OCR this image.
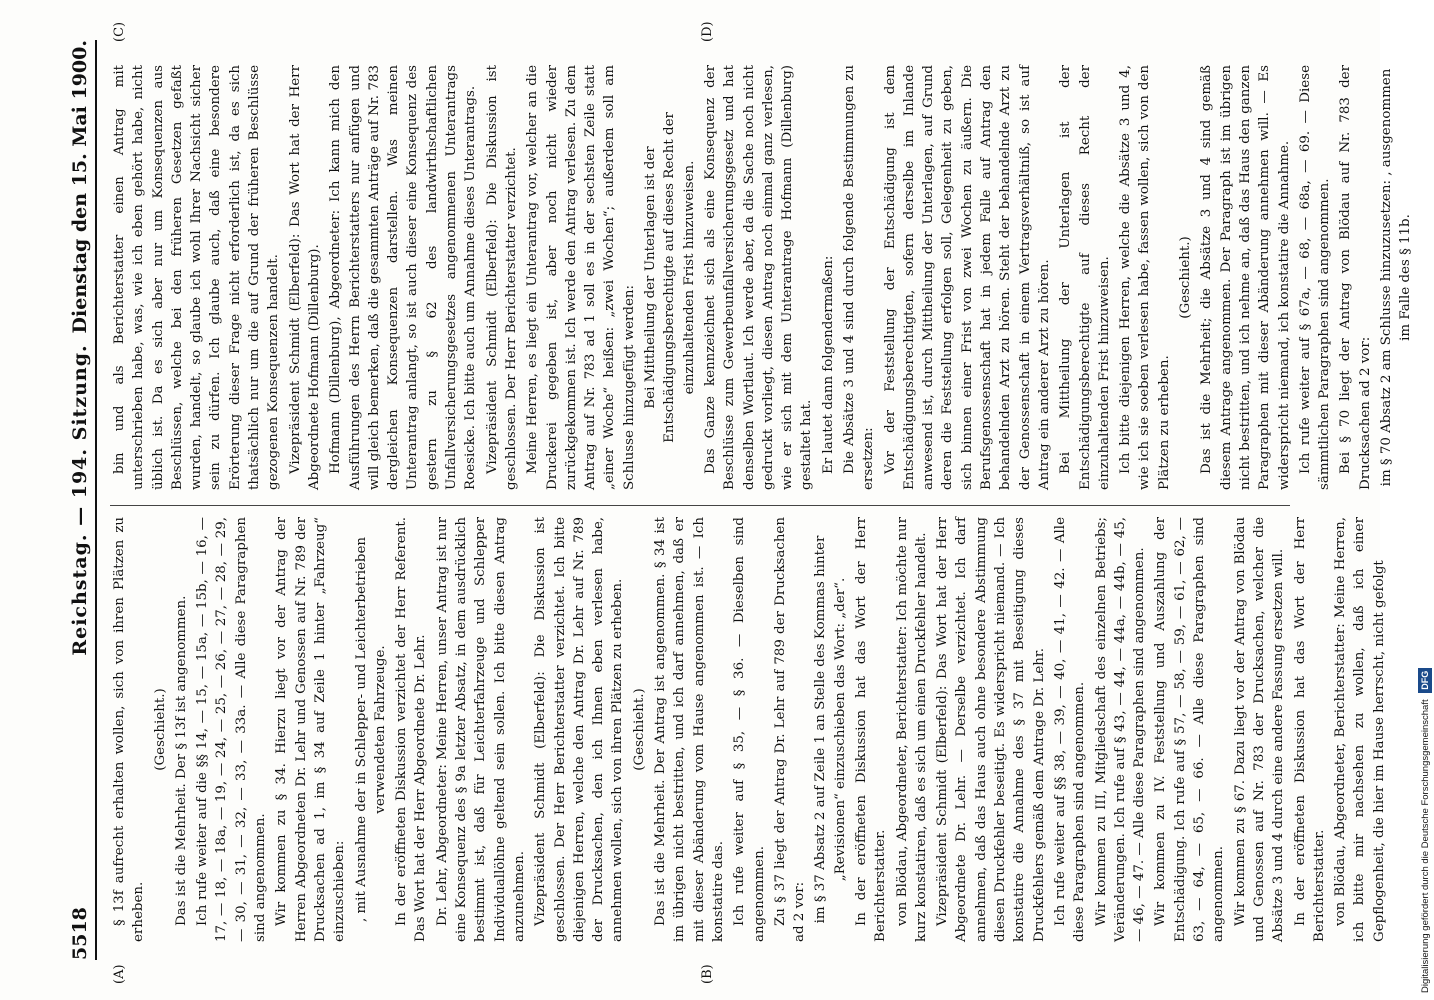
5518
Reichstag. — 194. Sitzung.
Dienstag den 15. Mai 1900.
(A)	(B)
(C)	(D)

§ 13f aufrecht erhalten wollen, sich von ihren Plätzen zu erheben.

(Geschieht.) Das ist die Mehrheit. Der § 13f ist angenommen. Ich rufe weiter auf die §§ 14, — 15, — 15a, — 15b, — 16, — 17, — 18, — 18a, — 19, — 24, — 25, — 26, — 27, — 28, — 29, — 30, — 31, — 32, — 33, — 33a. — Alle diese Paragraphen sind angenommen. Wir kommen zu § 34. Hierzu liegt vor der Antrag der Herren Abgeordneten Dr. Lehr und Genossen auf Nr. 789 der Drucksachen ad 1, im § 34 auf Zeile 1 hinter „Fahrzeug“ einzuschieben: , mit Ausnahme der in Schlepper- und Leichterbetrieben verwendeten Fahrzeuge. In der eröffneten Diskussion verzichtet der Herr Referent. Das Wort hat der Herr Abgeordnete Dr. Lehr. Dr. Lehr, Abgeordneter: Meine Herren, unser Antrag ist nur eine Konsequenz des § 9a letzter Absatz, in dem ausdrücklich bestimmt ist, daß für Leichterfahrzeuge und Schlepper Individuallöhne geltend sein sollen. Ich bitte diesen Antrag anzunehmen. Vizepräsident Schmidt (Elberfeld): Die Diskussion ist geschlossen. Der Herr Berichterstatter verzichtet. Ich bitte diejenigen Herren, welche den Antrag Dr. Lehr auf Nr. 789 der Drucksachen, den ich Ihnen eben verlesen habe, annehmen wollen, sich von ihren Plätzen zu erheben. (Geschieht.) Das ist die Mehrheit. Der Antrag ist angenommen. § 34 ist im übrigen nicht bestritten, und ich darf annehmen, daß er mit dieser Abänderung vom Hause angenommen ist. — Ich konstatire das. Ich rufe weiter auf § 35, — § 36. — Dieselben sind angenommen. Zu § 37 liegt der Antrag Dr. Lehr auf 789 der Drucksachen ad 2 vor: im § 37 Absatz 2 auf Zeile 1 an Stelle des Kommas hinter „Revisionen“ einzuschieben das Wort: „der“. In der eröffneten Diskussion hat das Wort der Herr Berichterstatter. von Blödau, Abgeordneter, Berichterstatter: Ich möchte nur kurz konstatiren, daß es sich um einen Druckfehler handelt. Vizepräsident Schmidt (Elberfeld): Das Wort hat der Herr Abgeordnete Dr. Lehr. — Derselbe verzichtet. Ich darf annehmen, daß das Haus auch ohne besondere Abstimmung diesen Druckfehler beseitigt. Es widerspricht niemand. — Ich konstatire die Annahme des § 37 mit Beseitigung dieses Druckfehlers gemäß dem Antrage Dr. Lehr. Ich rufe weiter auf §§ 38, — 39, — 40, — 41, — 42. — Alle diese Paragraphen sind angenommen. Wir kommen zu III, Mitgliedschaft des einzelnen Betriebs; Veränderungen. Ich rufe auf § 43, — 44, — 44a, — 44b, — 45, — 46, — 47. — Alle diese Paragraphen sind angenommen. Wir kommen zu IV. Feststellung und Auszahlung der Entschädigung. Ich rufe auf § 57, — 58, — 59, — 61, — 62, — 63, — 64, — 65, — 66. — Alle diese Paragraphen sind angenommen. Wir kommen zu § 67. Dazu liegt vor der Antrag von Blödau und Genossen auf Nr. 783 der Drucksachen, welcher die Absätze 3 und 4 durch eine andere Fassung ersetzen will. In der eröffneten Diskussion hat das Wort der Herr Berichterstatter. von Blödau, Abgeordneter, Berichterstatter: Meine Herren, ich bitte mir nachsehen zu wollen, daß ich einer Gepflogenheit, die hier im Hause herrscht, nicht gefolgt

bin und als Berichterstatter einen Antrag mit unterschrieben habe, was, wie ich eben gehört habe, nicht üblich ist. Da es sich aber nur um Konsequenzen aus Beschlüssen, welche bei den früheren Gesetzen gefaßt wurden, handelt, so glaube ich wohl Ihrer Nachsicht sicher sein zu dürfen. Ich glaube auch, daß eine besondere Erörterung dieser Frage nicht erforderlich ist, da es sich thatsächlich nur um die auf Grund der früheren Beschlüsse gezogenen Konsequenzen handelt. Vizepräsident Schmidt (Elberfeld): Das Wort hat der Herr Abgeordnete Hofmann (Dillenburg). Hofmann (Dillenburg), Abgeordneter: Ich kann mich den Ausführungen des Herrn Berichterstatters nur anfügen und will gleich bemerken, daß die gesammten Anträge auf Nr. 783 dergleichen Konsequenzen darstellen. Was meinen Unterantrag anlangt, so ist auch dieser eine Konsequenz des gestern zu § 62 des landwirthschaftlichen Unfallversicherungsgesetzes angenommenen Unterantrags Roesicke. Ich bitte auch um Annahme dieses Unterantrags. Vizepräsident Schmidt (Elberfeld): Die Diskussion ist geschlossen. Der Herr Berichterstatter verzichtet. Meine Herren, es liegt ein Unterantrag vor, welcher an die Druckerei gegeben ist, aber noch nicht wieder zurückgekommen ist. Ich werde den Antrag verlesen. Zu dem Antrag auf Nr. 783 ad 1 soll es in der sechsten Zeile statt „einer Woche“ heißen: „zwei Wochen“; außerdem soll am Schlusse hinzugefügt werden: Bei Mittheilung der Unterlagen ist der Entschädigungsberechtigte auf dieses Recht der einzuhaltenden Frist hinzuweisen. Das Ganze kennzeichnet sich als eine Konsequenz der Beschlüsse zum Gewerbeunfallversicherungsgesetz und hat denselben Wortlaut. Ich werde aber, da die Sache noch nicht gedruckt vorliegt, diesen Antrag noch einmal ganz verlesen, wie er sich mit dem Unterantrage Hofmann (Dillenburg) gestaltet hat. Er lautet dann folgendermaßen: Die Absätze 3 und 4 sind durch folgende Bestimmungen zu ersetzen: Vor der Feststellung der Entschädigung ist dem Entschädigungsberechtigten, sofern derselbe im Inlande anwesend ist, durch Mittheilung der Unterlagen, auf Grund deren die Feststellung erfolgen soll, Gelegenheit zu geben, sich binnen einer Frist von zwei Wochen zu äußern. Die Berufsgenossenschaft hat in jedem Falle auf Antrag den behandelnden Arzt zu hören. Steht der behandelnde Arzt zu der Genossenschaft in einem Vertragsverhältniß, so ist auf Antrag ein anderer Arzt zu hören. Bei Mittheilung der Unterlagen ist der Entschädigungsberechtigte auf dieses Recht der einzuhaltenden Frist hinzuweisen. Ich bitte diejenigen Herren, welche die Absätze 3 und 4, wie ich sie soeben verlesen habe, fassen wollen, sich von den Plätzen zu erheben.

(Geschieht.) Das ist die Mehrheit; die Absätze 3 und 4 sind gemäß diesem Antrage angenommen. Der Paragraph ist im übrigen nicht bestritten, und ich nehme an, daß das Haus den ganzen Paragraphen mit dieser Abänderung annehmen will. — Es widerspricht niemand, ich konstatire die Annahme. Ich rufe weiter auf § 67a, — 68, — 68a, — 69. — Diese sämmtlichen Paragraphen sind angenommen. Bei § 70 liegt der Antrag von Blödau auf Nr. 783 der Drucksachen ad 2 vor: im § 70 Absatz 2 am Schlusse hinzuzusetzen: , ausgenommen im Falle des § 11b.

Digitalisierung gefördert durch die Deutsche Forschungsgemeinschaft DFG
